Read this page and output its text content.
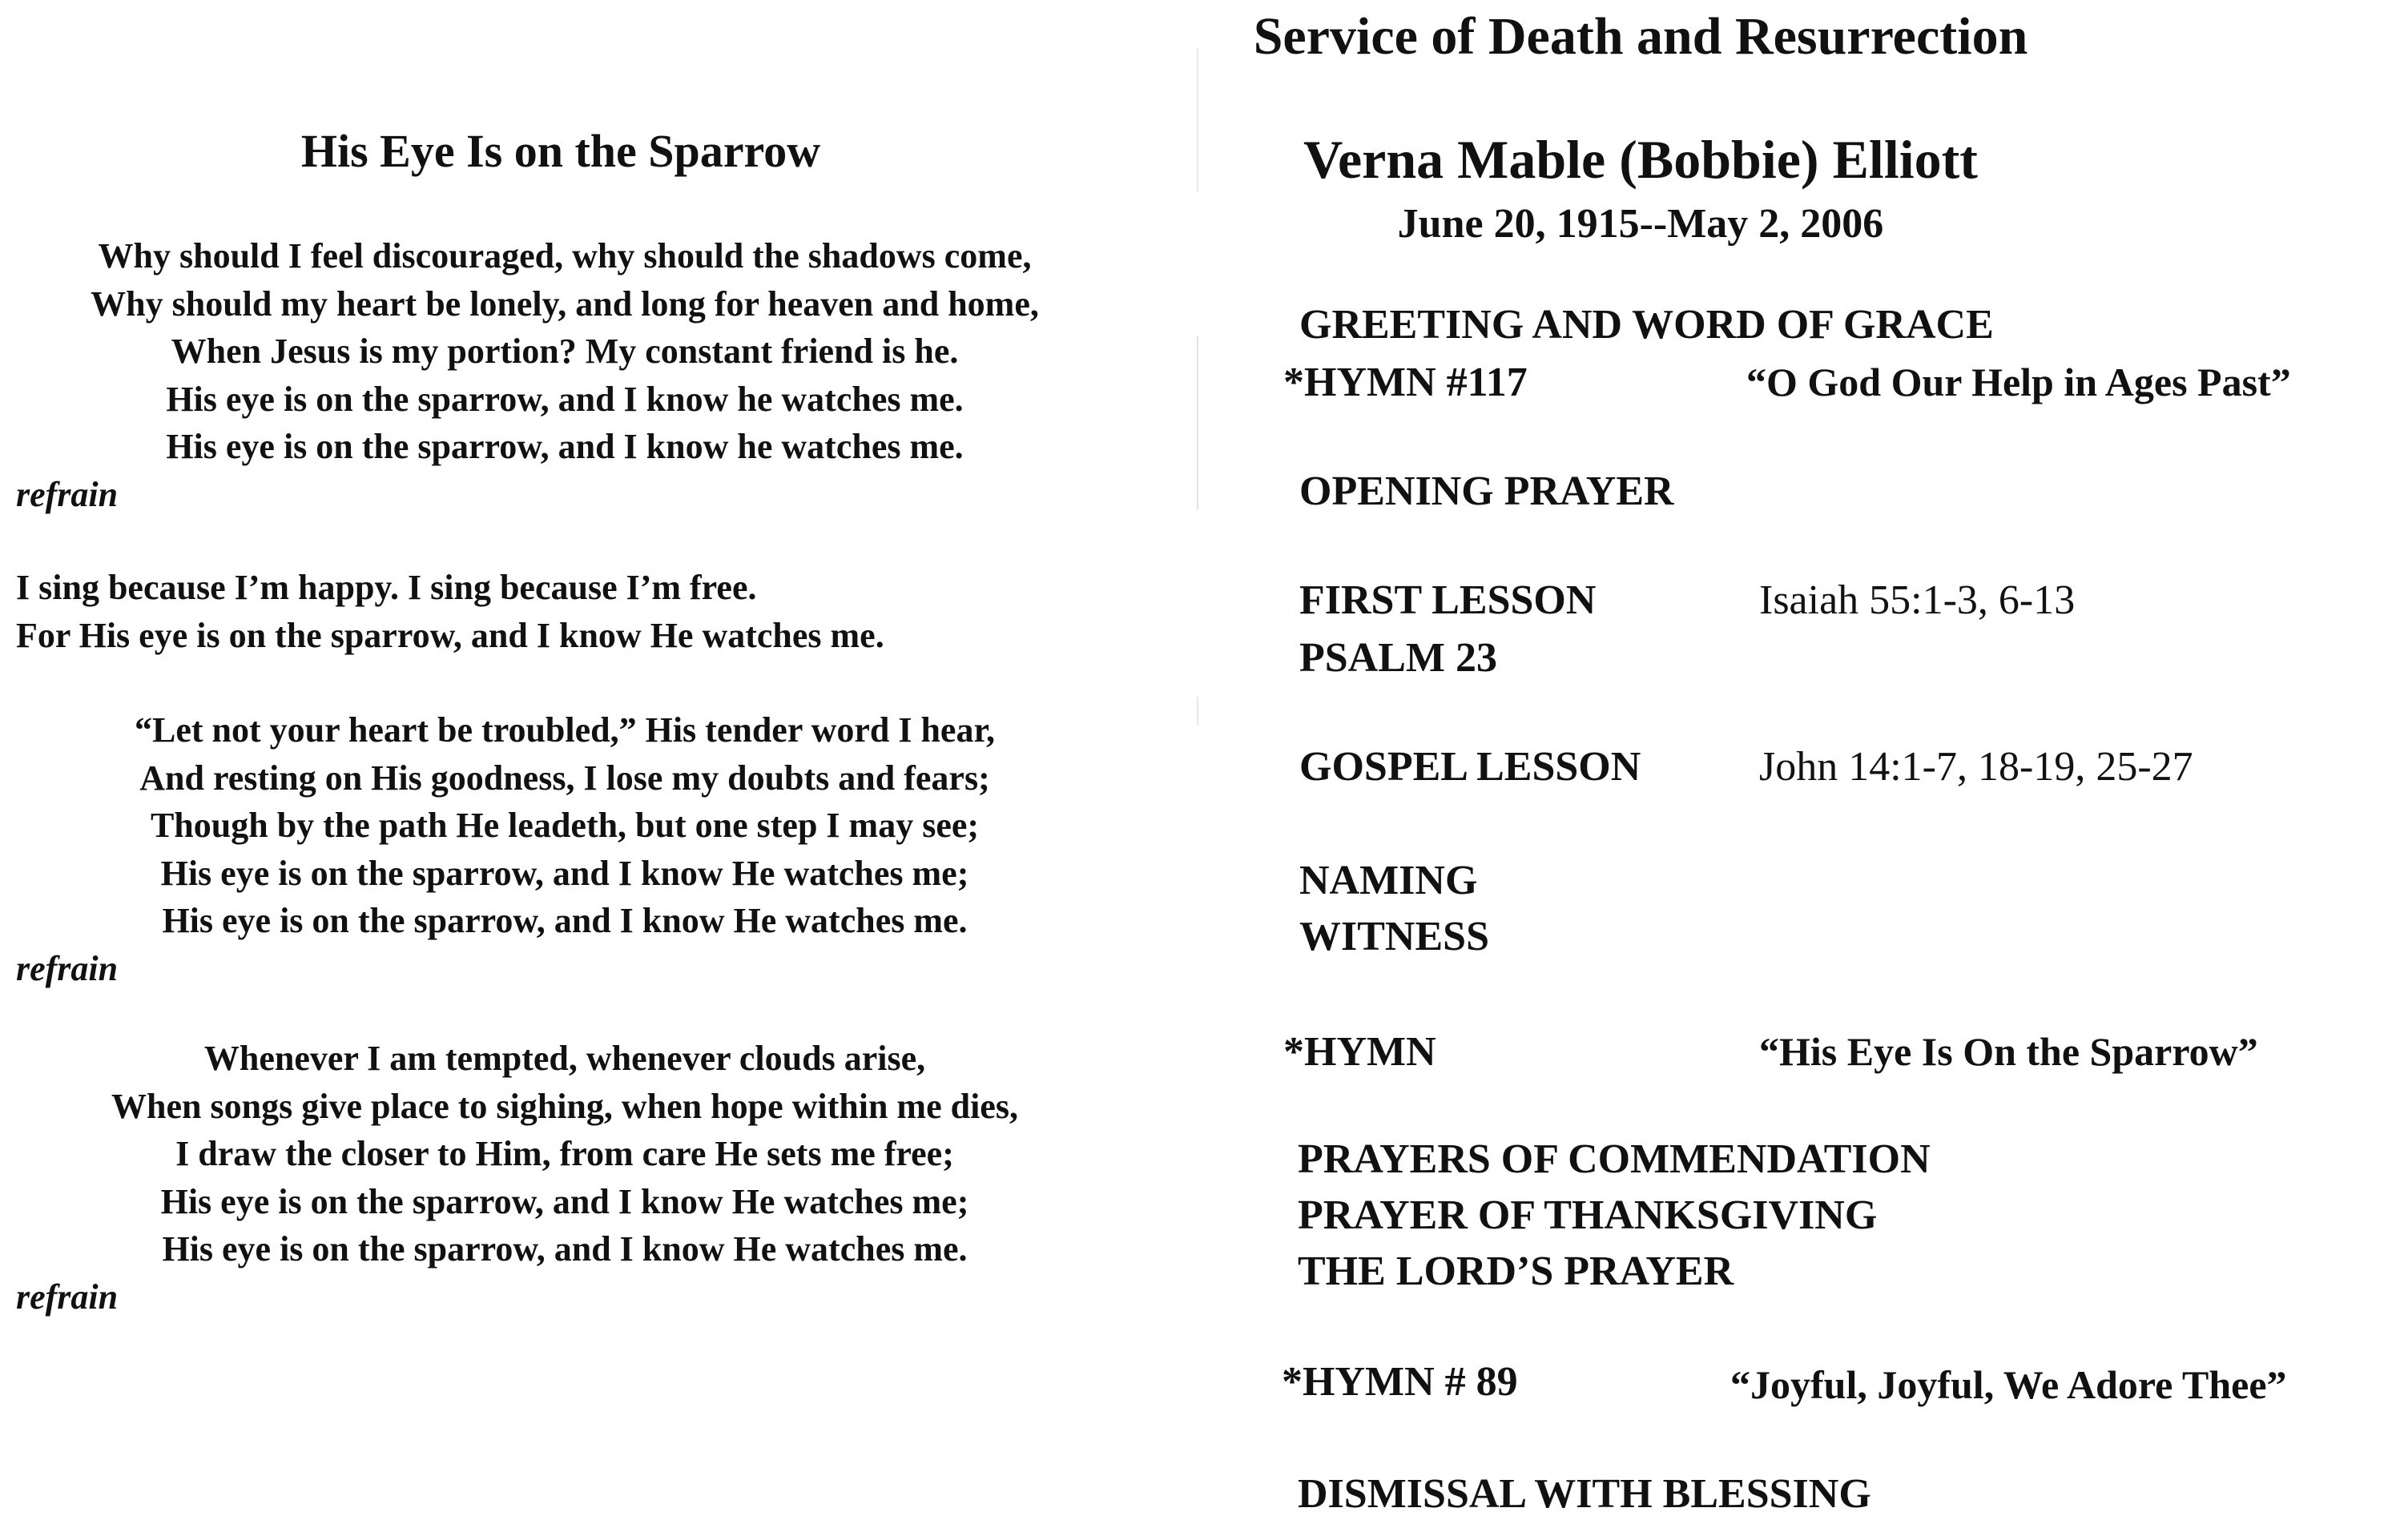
His Eye Is on the Sparrow
Why should I feel discouraged, why should the shadows come,
Why should my heart be lonely, and long for heaven and home,
When Jesus is my portion? My constant friend is he.
His eye is on the sparrow, and I know he watches me.
His eye is on the sparrow, and I know he watches me.
refrain
I sing because I’m happy. I sing because I’m free.
For His eye is on the sparrow, and I know He watches me.
“Let not your heart be troubled,” His tender word I hear,
And resting on His goodness, I lose my doubts and fears;
Though by the path He leadeth, but one step I may see;
His eye is on the sparrow, and I know He watches me;
His eye is on the sparrow, and I know He watches me.
refrain
Whenever I am tempted, whenever clouds arise,
When songs give place to sighing, when hope within me dies,
I draw the closer to Him, from care He sets me free;
His eye is on the sparrow, and I know He watches me;
His eye is on the sparrow, and I know He watches me.
refrain
Service of Death and Resurrection
Verna Mable (Bobbie) Elliott
June 20, 1915--May 2, 2006
GREETING AND WORD OF GRACE
*HYMN #117	“O God Our Help in Ages Past”
OPENING PRAYER
FIRST LESSON	Isaiah 55:1-3, 6-13
PSALM 23
GOSPEL LESSON	John 14:1-7, 18-19, 25-27
NAMING
WITNESS
*HYMN	“His Eye Is On the Sparrow”
PRAYERS OF COMMENDATION
PRAYER OF THANKSGIVING
THE LORD’S PRAYER
*HYMN # 89	“Joyful, Joyful, We Adore Thee”
DISMISSAL WITH BLESSING
